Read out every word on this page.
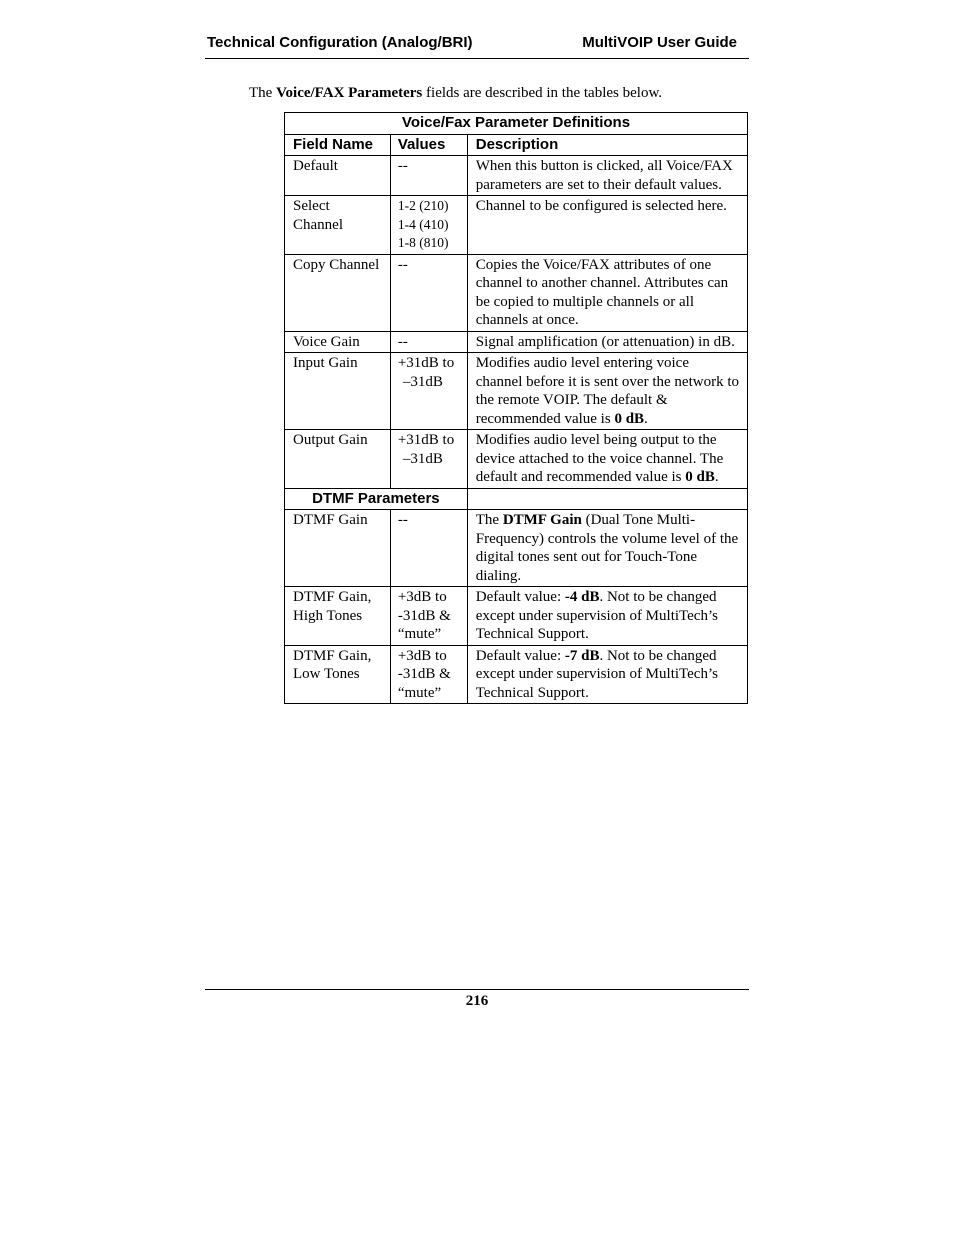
Technical Configuration (Analog/BRI)	MultiVOIP User Guide
The Voice/FAX Parameters fields are described in the tables below.
Voice/Fax Parameter Definitions		
Field Name	Values	Description
Default	--	When this button is clicked, all Voice/FAX parameters are set to their default values.
Select Channel	1-2 (210)
1-4 (410)
1-8 (810)	Channel to be configured is selected here.
Copy Channel	--	Copies the Voice/FAX attributes of one channel to another channel. Attributes can be copied to multiple channels or all channels at once.
Voice Gain	--	Signal amplification (or attenuation) in dB.
Input Gain	+31dB to
–31dB	Modifies audio level entering voice channel before it is sent over the network to the remote VOIP. The default & recommended value is 0 dB.
Output Gain	+31dB to
–31dB	Modifies audio level being output to the device attached to the voice channel. The default and recommended value is 0 dB.
DTMF Parameters		
DTMF Gain	--	The DTMF Gain (Dual Tone Multi-Frequency) controls the volume level of the digital tones sent out for Touch-Tone dialing.
DTMF Gain, High Tones	+3dB to
-31dB &
“mute”	Default value: -4 dB. Not to be changed except under supervision of MultiTech’s Technical Support.
DTMF Gain, Low Tones	+3dB to
-31dB &
“mute”	Default value: -7 dB. Not to be changed except under supervision of MultiTech’s Technical Support.
216
